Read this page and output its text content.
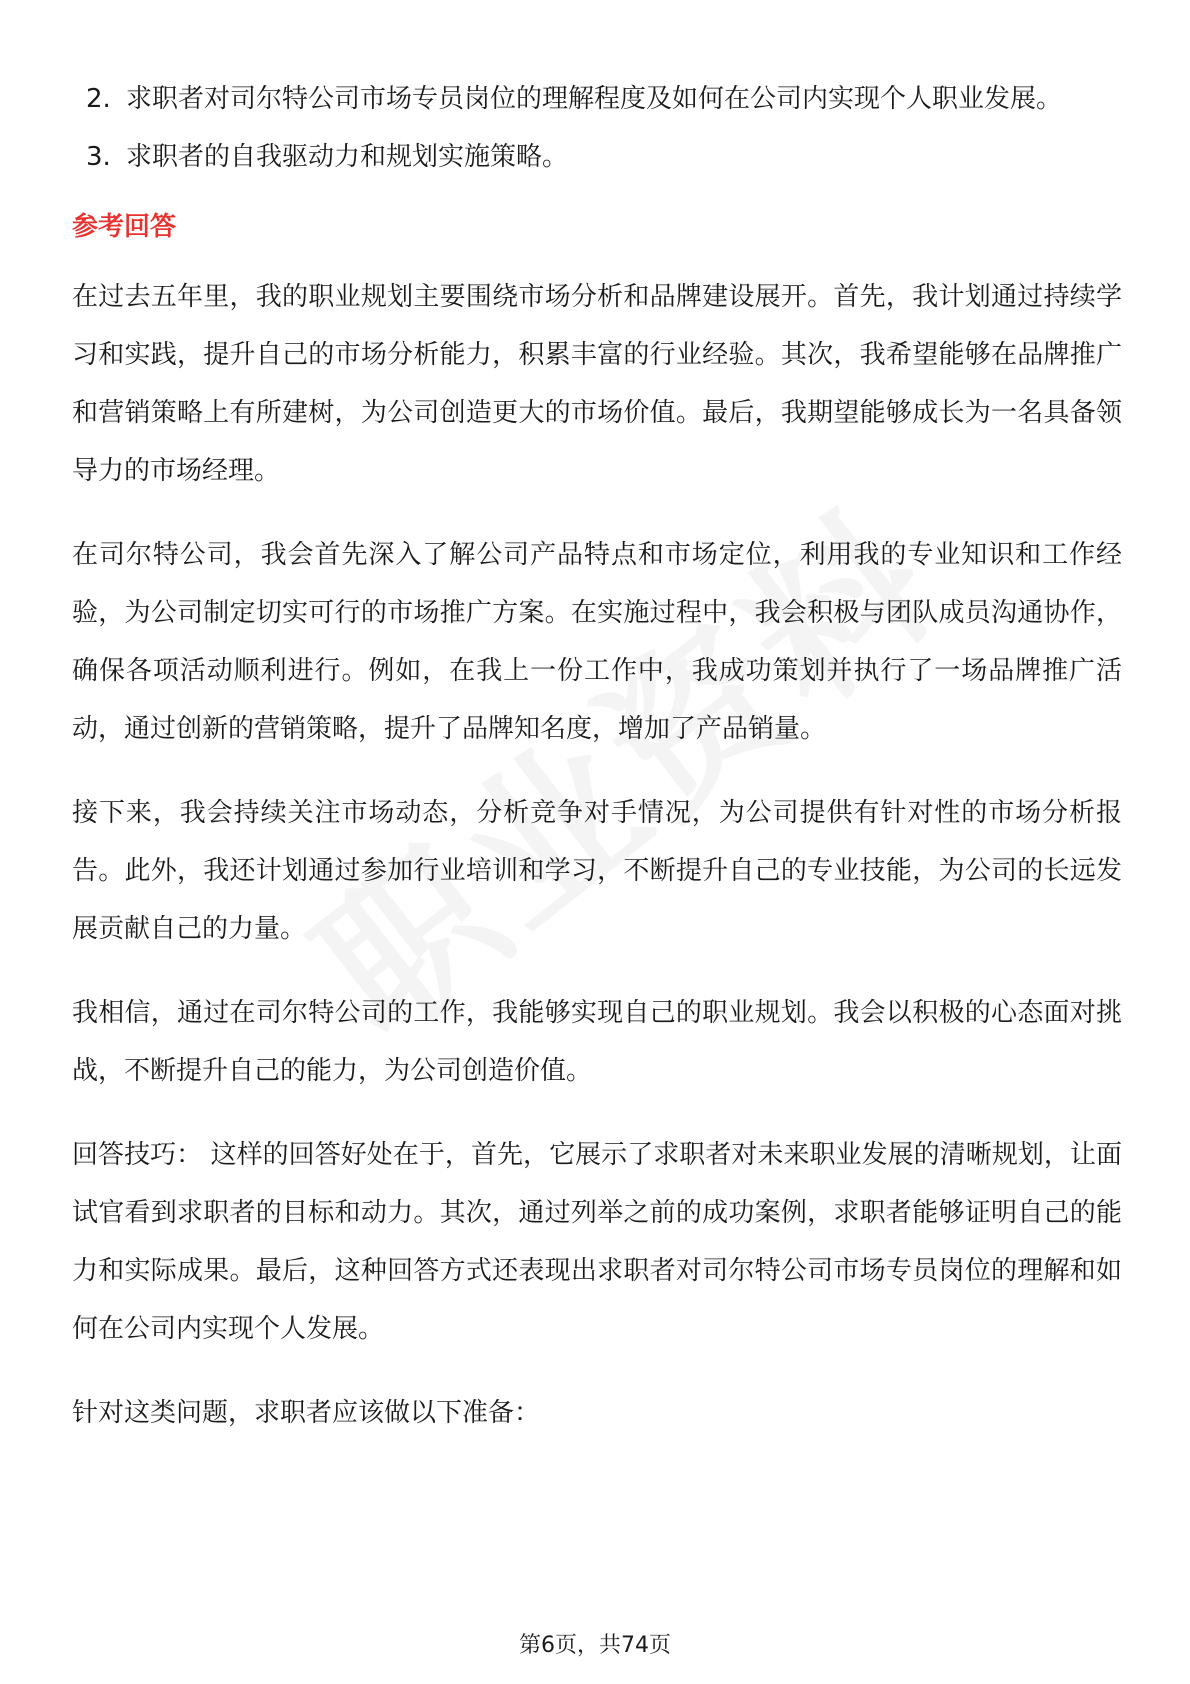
2. 求职者对司尔特公司市场专员岗位的理解程度及如何在公司内实现个人职业发展。
3. 求职者的自我驱动力和规划实施策略。
参考回答

在过去五年里，我的职业规划主要围绕市场分析和品牌建设展开。首先，我计划通过持续学习和实践，提升自己的市场分析能力，积累丰富的行业经验。其次，我希望能够在品牌推广和营销策略上有所建树，为公司创造更大的市场价值。最后，我期望能够成长为一名具备领导力的市场经理。

在司尔特公司，我会首先深入了解公司产品特点和市场定位，利用我的专业知识和工作经验，为公司制定切实可行的市场推广方案。在实施过程中，我会积极与团队成员沟通协作，确保各项活动顺利进行。例如，在我上一份工作中，我成功策划并执行了一场品牌推广活动，通过创新的营销策略，提升了品牌知名度，增加了产品销量。

接下来，我会持续关注市场动态，分析竞争对手情况，为公司提供有针对性的市场分析报告。此外，我还计划通过参加行业培训和学习，不断提升自己的专业技能，为公司的长远发展贡献自己的力量。

我相信，通过在司尔特公司的工作，我能够实现自己的职业规划。我会以积极的心态面对挑战，不断提升自己的能力，为公司创造价值。

回答技巧： 这样的回答好处在于，首先，它展示了求职者对未来职业发展的清晰规划，让面试官看到求职者的目标和动力。其次，通过列举之前的成功案例，求职者能够证明自己的能力和实际成果。最后，这种回答方式还表现出求职者对司尔特公司市场专员岗位的理解和如何在公司内实现个人发展。

针对这类问题，求职者应该做以下准备：

第6页，共74页
